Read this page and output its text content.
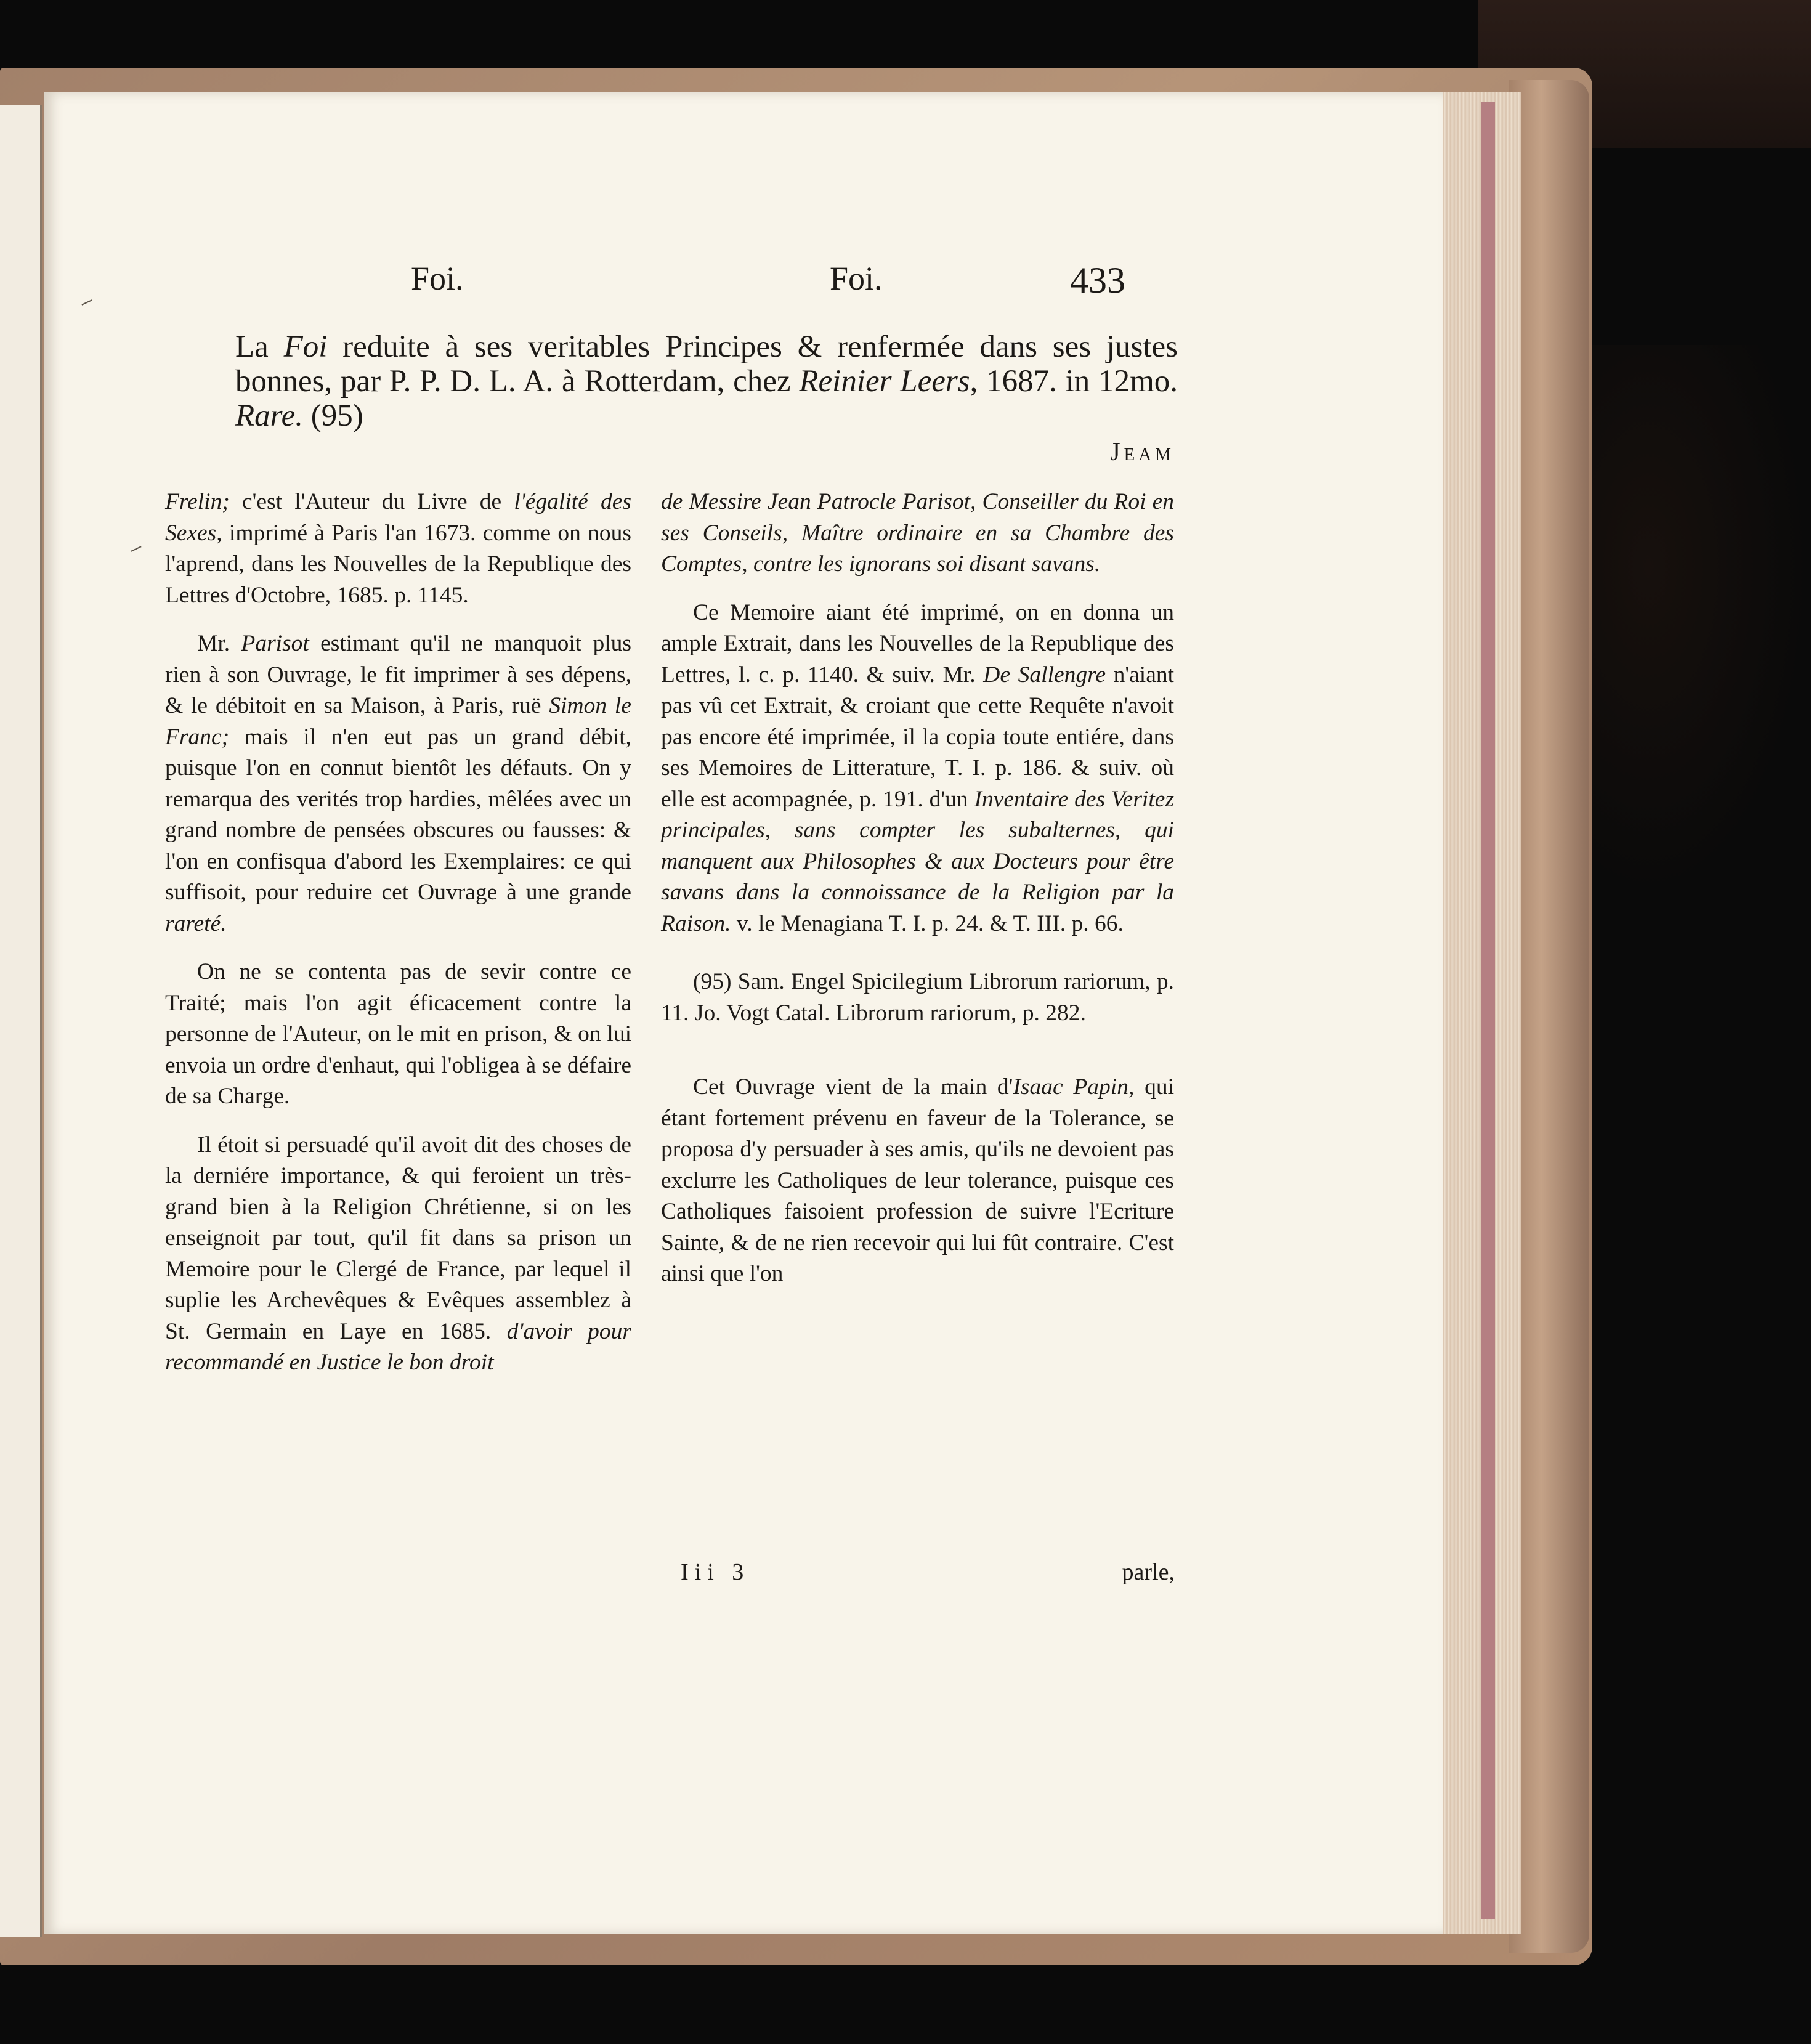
Foi.	Foi.	433
La Foi reduite à ses veritables Principes & renfermée dans ses justes bonnes, par P. P. D. L. A. à Rotterdam, chez Reinier Leers, 1687. in 12mo. Rare. (95)
Jeam

Frelin; c'est l'Auteur du Livre de l'égalité des Sexes, imprimé à Paris l'an 1673. comme on nous l'aprend, dans les Nouvelles de la Republique des Lettres d'Octobre, 1685. p. 1145.

Mr. Parisot estimant qu'il ne manquoit plus rien à son Ouvrage, le fit imprimer à ses dépens, & le débitoit en sa Maison, à Paris, ruë Simon le Franc; mais il n'en eut pas un grand débit, puisque l'on en connut bientôt les défauts. On y remarqua des verités trop hardies, mêlées avec un grand nombre de pensées obscures ou fausses: & l'on en confisqua d'abord les Exemplaires: ce qui suffisoit, pour reduire cet Ouvrage à une grande rareté.

On ne se contenta pas de sevir contre ce Traité; mais l'on agit éficacement contre la personne de l'Auteur, on le mit en prison, & on lui envoia un ordre d'enhaut, qui l'obligea à se défaire de sa Charge.

Il étoit si persuadé qu'il avoit dit des choses de la derniére importance, & qui feroient un très-grand bien à la Religion Chrétienne, si on les enseignoit par tout, qu'il fit dans sa prison un Memoire pour le Clergé de France, par lequel il suplie les Archevêques & Evêques assemblez à St. Germain en Laye en 1685. d'avoir pour recommandé en Justice le bon droit

de Messire Jean Patrocle Parisot, Conseiller du Roi en ses Conseils, Maître ordinaire en sa Chambre des Comptes, contre les ignorans soi disant savans.

Ce Memoire aiant été imprimé, on en donna un ample Extrait, dans les Nouvelles de la Republique des Lettres, l. c. p. 1140. & suiv. Mr. De Sallengre n'aiant pas vû cet Extrait, & croiant que cette Requête n'avoit pas encore été imprimée, il la copia toute entiére, dans ses Memoires de Litterature, T. I. p. 186. & suiv. où elle est acompagnée, p. 191. d'un Inventaire des Veritez principales, sans compter les subalternes, qui manquent aux Philosophes & aux Docteurs pour être savans dans la connoissance de la Religion par la Raison. v. le Menagiana T. I. p. 24. & T. III. p. 66.

(95) Sam. Engel Spicilegium Librorum rariorum, p. 11. Jo. Vogt Catal. Librorum rariorum, p. 282.

Cet Ouvrage vient de la main d'Isaac Papin, qui étant fortement prévenu en faveur de la Tolerance, se proposa d'y persuader à ses amis, qu'ils ne devoient pas exclurre les Catholiques de leur tolerance, puisque ces Catholiques faisoient profession de suivre l'Ecriture Sainte, & de ne rien recevoir qui lui fût contraire. C'est ainsi que l'on

Iii 3	parle,
